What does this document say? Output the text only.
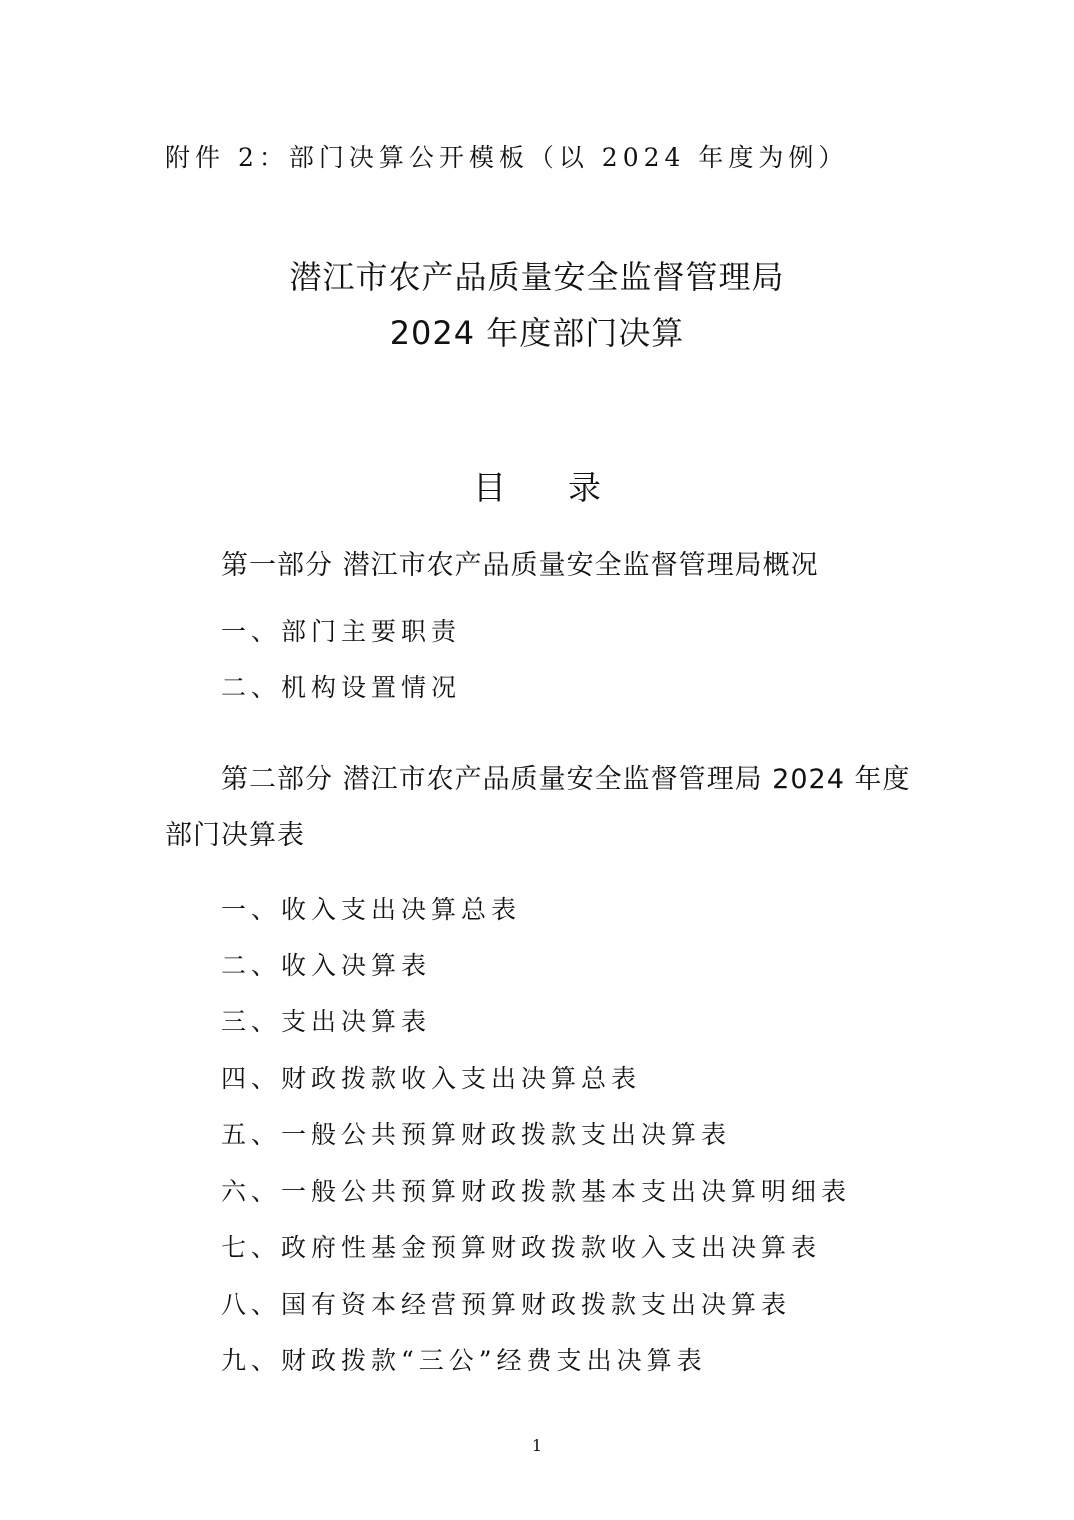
附件 2：部门决算公开模板（以 2024 年度为例）
潜江市农产品质量安全监督管理局
2024 年度部门决算
目 录
第一部分 潜江市农产品质量安全监督管理局概况
一、部门主要职责
二、机构设置情况
第二部分 潜江市农产品质量安全监督管理局 2024 年度
部门决算表
一、收入支出决算总表
二、收入决算表
三、支出决算表
四、财政拨款收入支出决算总表
五、一般公共预算财政拨款支出决算表
六、一般公共预算财政拨款基本支出决算明细表
七、政府性基金预算财政拨款收入支出决算表
八、国有资本经营预算财政拨款支出决算表
九、财政拨款“三公”经费支出决算表
1
